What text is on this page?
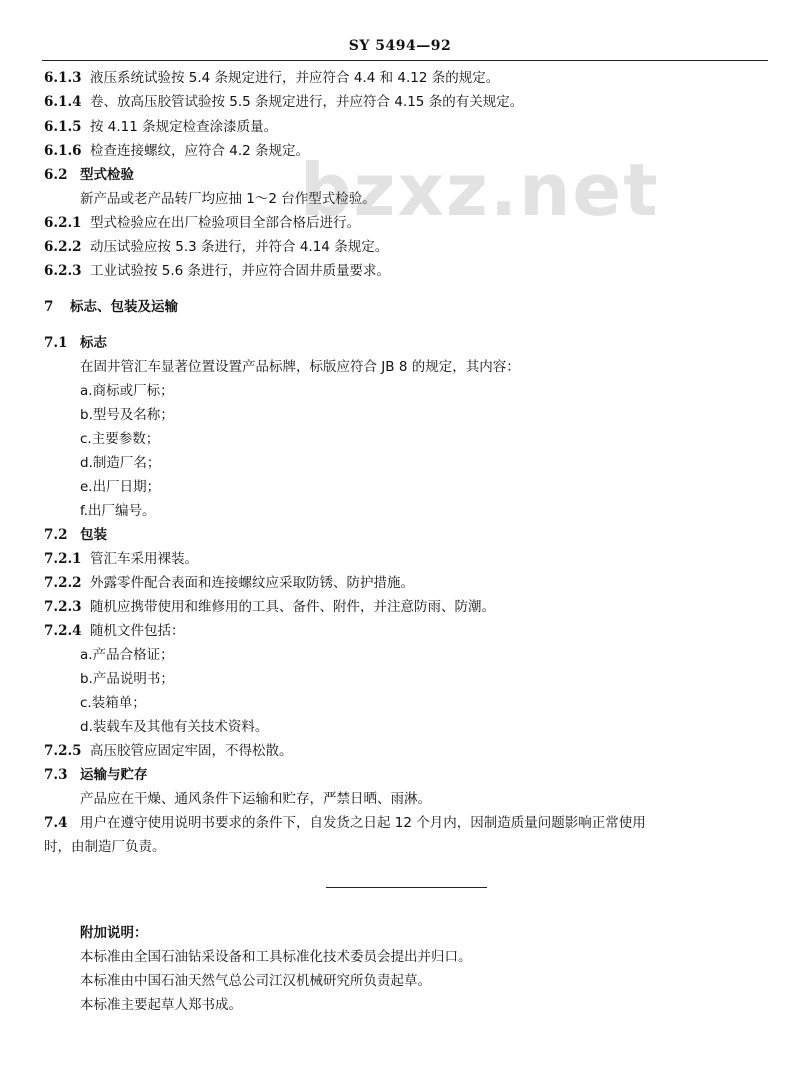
SY 5494—92
bzxz.net
6.1.3 液压系统试验按 5.4 条规定进行，并应符合 4.4 和 4.12 条的规定。
6.1.4 卷、放高压胶管试验按 5.5 条规定进行，并应符合 4.15 条的有关规定。
6.1.5 按 4.11 条规定检查涂漆质量。
6.1.6 检查连接螺纹，应符合 4.2 条规定。
6.2 型式检验
新产品或老产品转厂均应抽 1～2 台作型式检验。
6.2.1 型式检验应在出厂检验项目全部合格后进行。
6.2.2 动压试验应按 5.3 条进行，并符合 4.14 条规定。
6.2.3 工业试验按 5.6 条进行，并应符合固井质量要求。
7 标志、包装及运输
7.1 标志
在固井管汇车显著位置设置产品标牌，标版应符合 JB 8 的规定，其内容：
a.商标或厂标；
b.型号及名称；
c.主要参数；
d.制造厂名；
e.出厂日期；
f.出厂编号。
7.2 包装
7.2.1 管汇车采用裸装。
7.2.2 外露零件配合表面和连接螺纹应采取防锈、防护措施。
7.2.3 随机应携带使用和维修用的工具、备件、附件，并注意防雨、防潮。
7.2.4 随机文件包括：
a.产品合格证；
b.产品说明书；
c.装箱单；
d.装载车及其他有关技术资料。
7.2.5 高压胶管应固定牢固，不得松散。
7.3 运输与贮存
产品应在干燥、通风条件下运输和贮存，严禁日晒、雨淋。
7.4 用户在遵守使用说明书要求的条件下，自发货之日起 12 个月内，因制造质量问题影响正常使用
时，由制造厂负责。
附加说明：
本标准由全国石油钻采设备和工具标准化技术委员会提出并归口。
本标准由中国石油天然气总公司江汉机械研究所负责起草。
本标准主要起草人郑书成。
